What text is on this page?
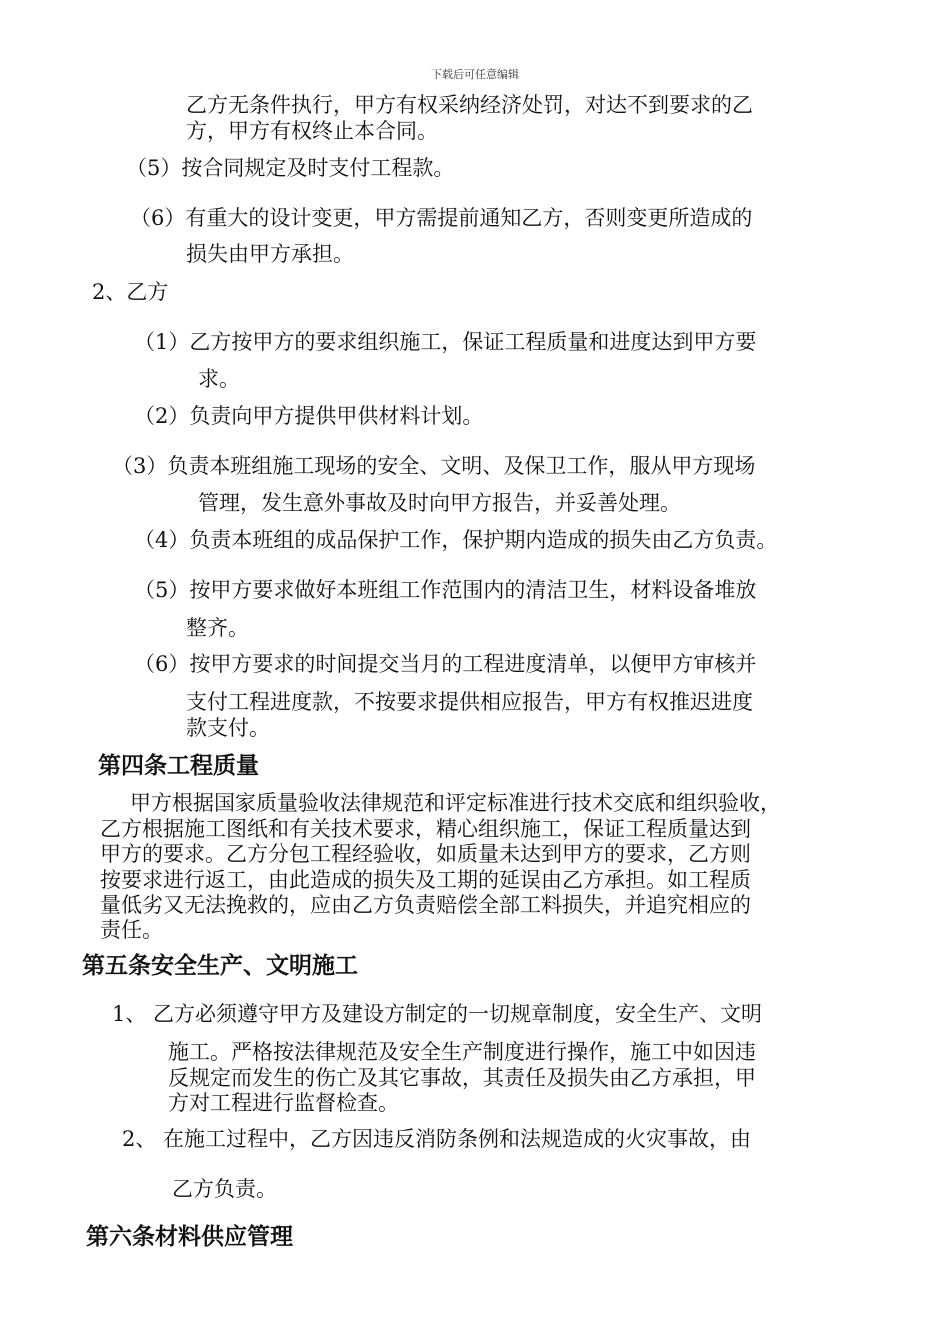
下载后可任意编辑
乙方无条件执行，甲方有权采纳经济处罚，对达不到要求的乙
方，甲方有权终止本合同。
（5）按合同规定及时支付工程款。
（6）有重大的设计变更，甲方需提前通知乙方，否则变更所造成的
损失由甲方承担。
2、乙方
（1）乙方按甲方的要求组织施工，保证工程质量和进度达到甲方要
求。
（2）负责向甲方提供甲供材料计划。
（3）负责本班组施工现场的安全、文明、及保卫工作，服从甲方现场
管理，发生意外事故及时向甲方报告，并妥善处理。
（4）负责本班组的成品保护工作，保护期内造成的损失由乙方负责。
（5）按甲方要求做好本班组工作范围内的清洁卫生，材料设备堆放
整齐。
（6）按甲方要求的时间提交当月的工程进度清单，以便甲方审核并
支付工程进度款，不按要求提供相应报告，甲方有权推迟进度
款支付。
第四条工程质量
甲方根据国家质量验收法律规范和评定标准进行技术交底和组织验收，
乙方根据施工图纸和有关技术要求，精心组织施工，保证工程质量达到
甲方的要求。乙方分包工程经验收，如质量未达到甲方的要求，乙方则
按要求进行返工，由此造成的损失及工期的延误由乙方承担。如工程质
量低劣又无法挽救的，应由乙方负责赔偿全部工料损失，并追究相应的
责任。
第五条安全生产、文明施工
1、 乙方必须遵守甲方及建设方制定的一切规章制度，安全生产、文明
施工。严格按法律规范及安全生产制度进行操作，施工中如因违
反规定而发生的伤亡及其它事故，其责任及损失由乙方承担，甲
方对工程进行监督检查。
2、 在施工过程中，乙方因违反消防条例和法规造成的火灾事故，由
乙方负责。
第六条材料供应管理
